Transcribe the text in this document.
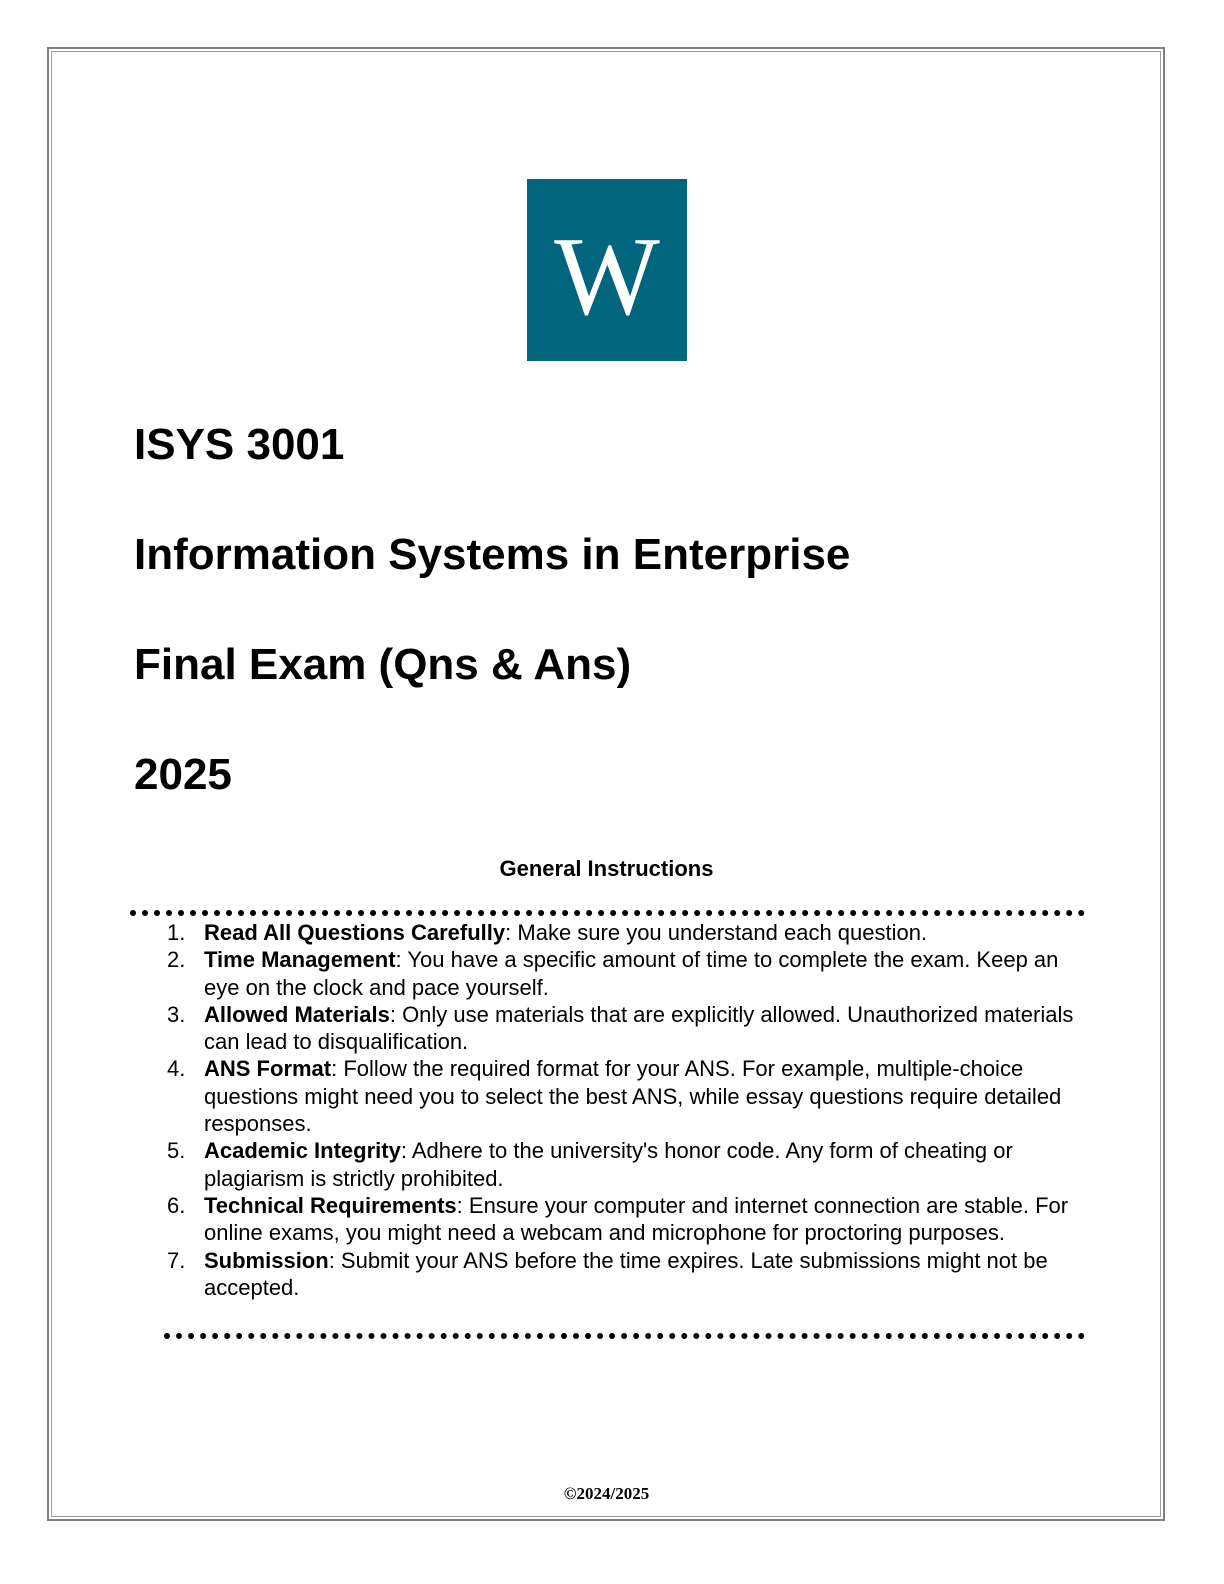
W
ISYS 3001
Information Systems in Enterprise
Final Exam (Qns & Ans)
2025
General Instructions
1. Read All Questions Carefully: Make sure you understand each question.
2. Time Management: You have a specific amount of time to complete the exam. Keep an eye on the clock and pace yourself.
3. Allowed Materials: Only use materials that are explicitly allowed. Unauthorized materials can lead to disqualification.
4. ANS Format: Follow the required format for your ANS. For example, multiple-choice questions might need you to select the best ANS, while essay questions require detailed responses.
5. Academic Integrity: Adhere to the university's honor code. Any form of cheating or plagiarism is strictly prohibited.
6. Technical Requirements: Ensure your computer and internet connection are stable. For online exams, you might need a webcam and microphone for proctoring purposes.
7. Submission: Submit your ANS before the time expires. Late submissions might not be accepted.
©2024/2025
